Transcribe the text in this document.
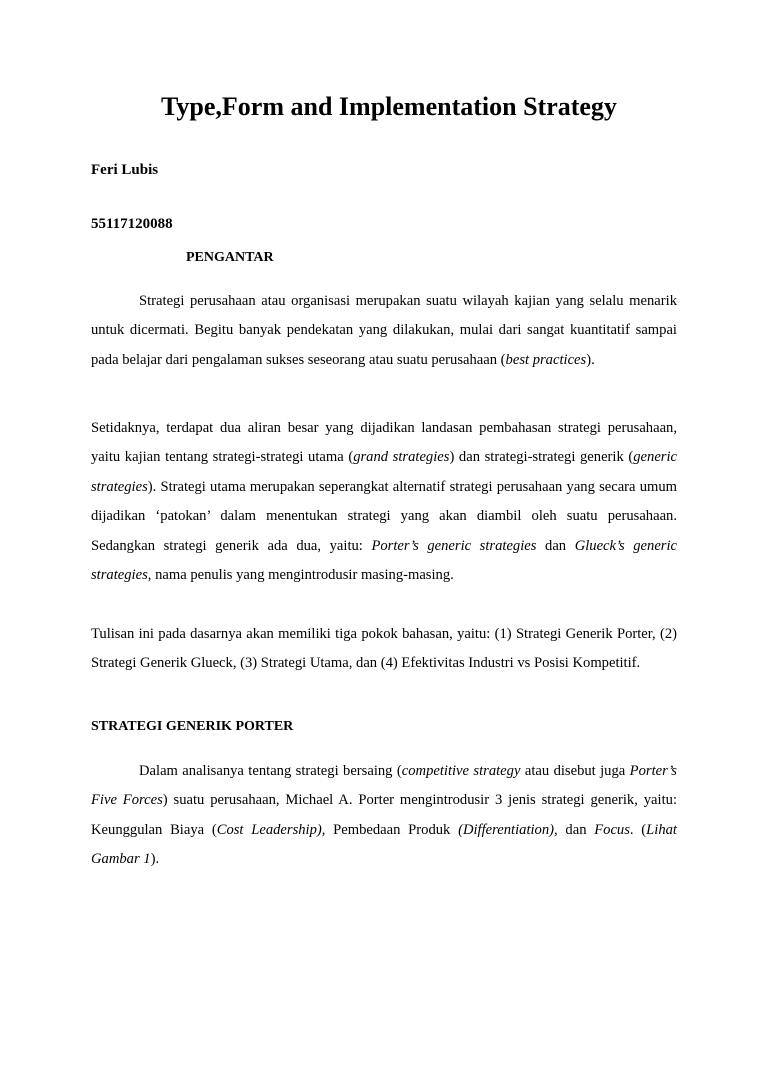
Type,Form and Implementation Strategy

Feri Lubis

55117120088

PENGANTAR

Strategi perusahaan atau organisasi merupakan suatu wilayah kajian yang selalu menarik untuk dicermati. Begitu banyak pendekatan yang dilakukan, mulai dari sangat kuantitatif sampai pada belajar dari pengalaman sukses seseorang atau suatu perusahaan (best practices).

Setidaknya, terdapat dua aliran besar yang dijadikan landasan pembahasan strategi perusahaan, yaitu kajian tentang strategi-strategi utama (grand strategies) dan strategi-strategi generik (generic strategies). Strategi utama merupakan seperangkat alternatif strategi perusahaan yang secara umum dijadikan ‘patokan’ dalam menentukan strategi yang akan diambil oleh suatu perusahaan. Sedangkan strategi generik ada dua, yaitu: Porter’s generic strategies dan Glueck’s generic strategies, nama penulis yang mengintrodusir masing-masing.

Tulisan ini pada dasarnya akan memiliki tiga pokok bahasan, yaitu: (1) Strategi Generik Porter, (2) Strategi Generik Glueck, (3) Strategi Utama, dan (4) Efektivitas Industri vs Posisi Kompetitif.

STRATEGI GENERIK PORTER

Dalam analisanya tentang strategi bersaing (competitive strategy atau disebut juga Porter’s Five Forces) suatu perusahaan, Michael A. Porter mengintrodusir 3 jenis strategi generik, yaitu: Keunggulan Biaya (Cost Leadership), Pembedaan Produk (Differentiation), dan Focus. (Lihat Gambar 1).
